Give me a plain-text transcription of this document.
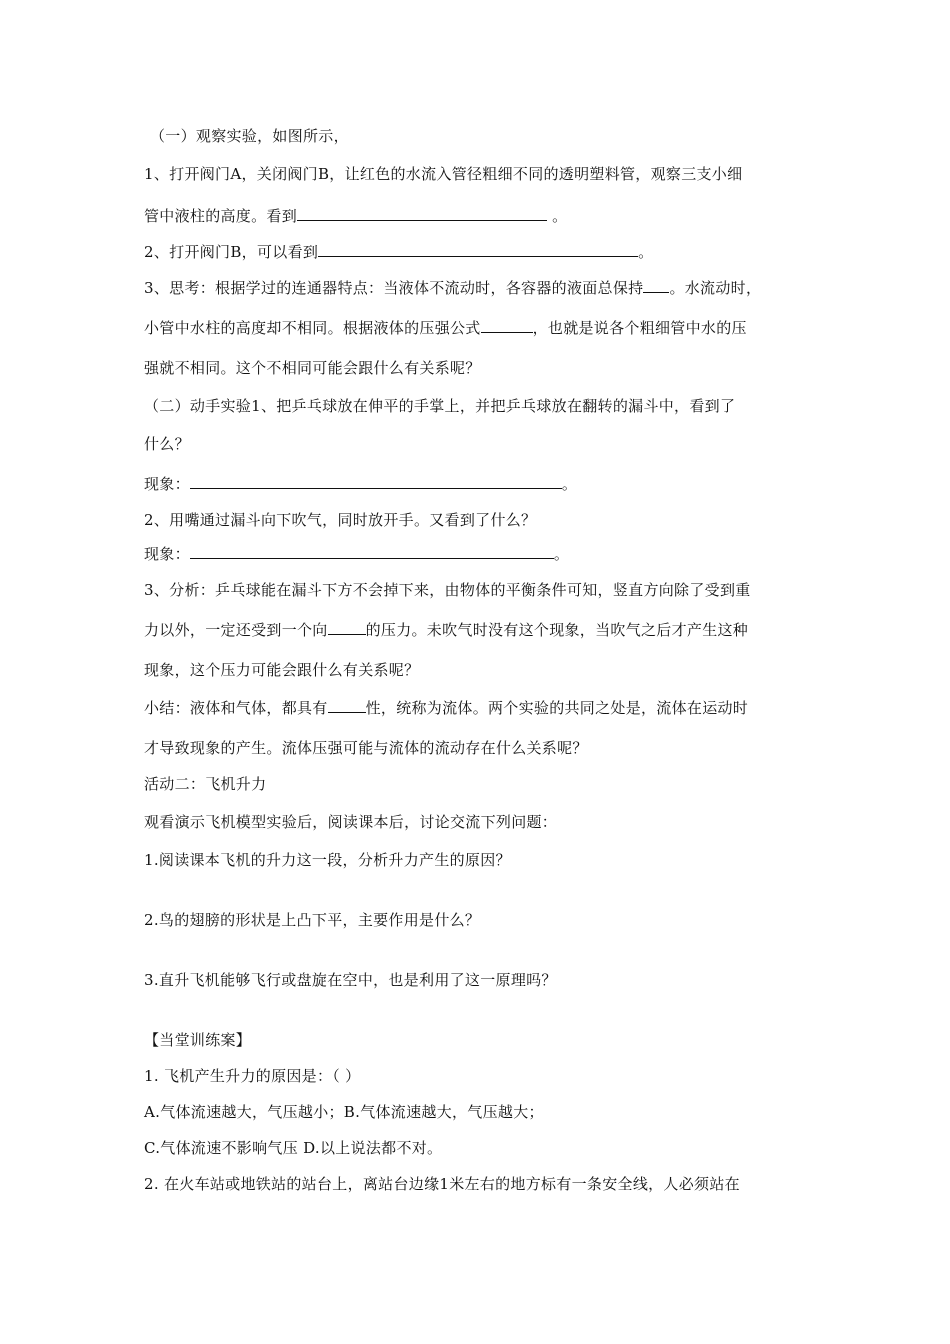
（一）观察实验，如图所示，
1、打开阀门A，关闭阀门B，让红色的水流入管径粗细不同的透明塑料管，观察三支小细
管中液柱的高度。看到	。
2、打开阀门B，可以看到	。
3、思考：根据学过的连通器特点：当液体不流动时，各容器的液面总保持 。水流动时，
小管中水柱的高度却不相同。根据液体的压强公式	，也就是说各个粗细管中水的压
强就不相同。这个不相同可能会跟什么有关系呢？
（二）动手实验1、把乒乓球放在伸平的手掌上，并把乒乓球放在翻转的漏斗中，看到了
什么？
现象：	。
2、用嘴通过漏斗向下吹气，同时放开手。又看到了什么？
现象：	。
3、分析：乒乓球能在漏斗下方不会掉下来，由物体的平衡条件可知，竖直方向除了受到重
力以外，一定还受到一个向	的压力。未吹气时没有这个现象，当吹气之后才产生这种
现象，这个压力可能会跟什么有关系呢？
小结：液体和气体，都具有	性，统称为流体。两个实验的共同之处是，流体在运动时
才导致现象的产生。流体压强可能与流体的流动存在什么关系呢？
活动二：飞机升力
观看演示飞机模型实验后，阅读课本后，讨论交流下列问题：
1.阅读课本飞机的升力这一段，分析升力产生的原因？
2.鸟的翅膀的形状是上凸下平，主要作用是什么？
3.直升飞机能够飞行或盘旋在空中，也是利用了这一原理吗？
【当堂训练案】
1. 飞机产生升力的原因是：（ ）
A.气体流速越大，气压越小；B.气体流速越大，气压越大；
C.气体流速不影响气压 D.以上说法都不对。
2. 在火车站或地铁站的站台上，离站台边缘1米左右的地方标有一条安全线，人必须站在
